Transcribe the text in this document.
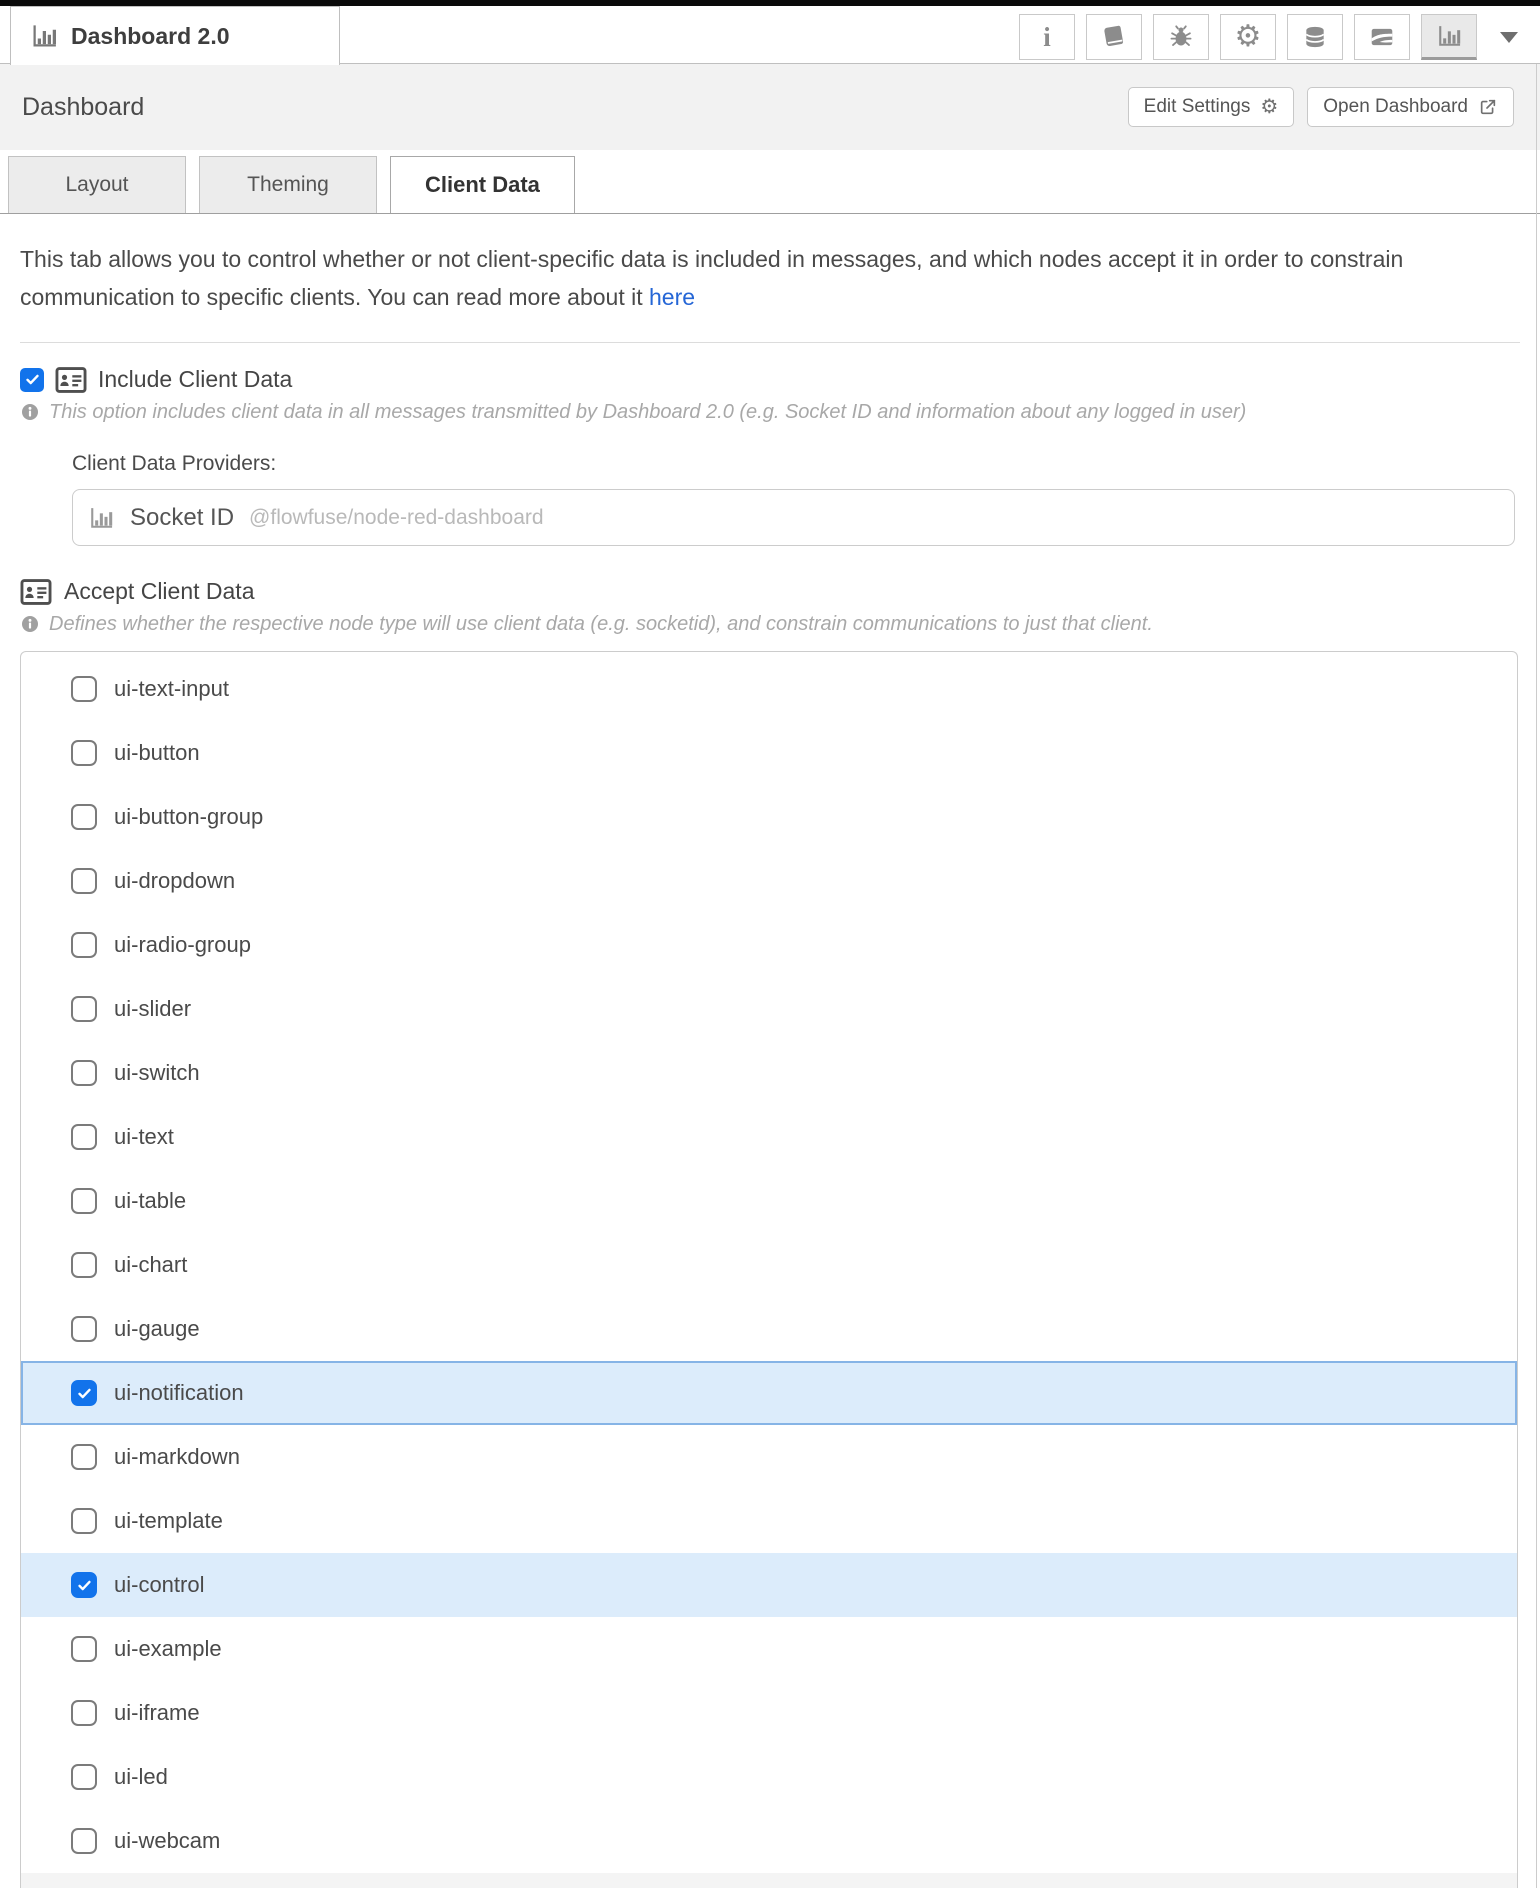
Dashboard 2.0	i	⚙
Dashboard	Edit Settings ⚙ Open Dashboard
Layout	Theming	Client Data

This tab allows you to control whether or not client-specific data is included in messages, and which nodes accept it in order to constrain communication to specific clients. You can read more about it here

Include Client Data
This option includes client data in all messages transmitted by Dashboard 2.0 (e.g. Socket ID and information about any logged in user)
Client Data Providers:
Socket ID @flowfuse/node-red-dashboard
Accept Client Data
Defines whether the respective node type will use client data (e.g. socketid), and constrain communications to just that client.
ui-text-input
ui-button
ui-button-group
ui-dropdown
ui-radio-group
ui-slider
ui-switch
ui-text
ui-table
ui-chart
ui-gauge
ui-notification
ui-markdown
ui-template
ui-control
ui-example
ui-iframe
ui-led
ui-webcam
